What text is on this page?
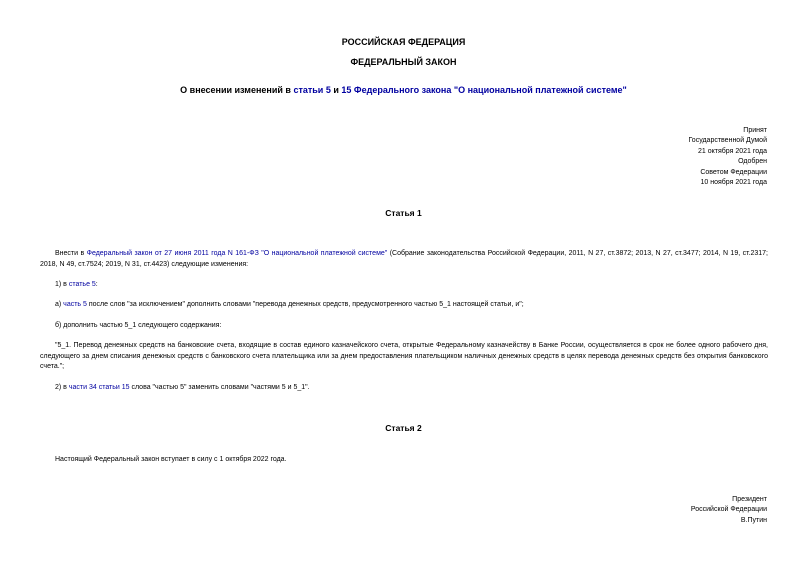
РОССИЙСКАЯ ФЕДЕРАЦИЯ
ФЕДЕРАЛЬНЫЙ ЗАКОН
О внесении изменений в статьи 5 и 15 Федерального закона "О национальной платежной системе"
Принят
Государственной Думой
21 октября 2021 года
Одобрен
Советом Федерации
10 ноября 2021 года
Статья 1
Внести в Федеральный закон от 27 июня 2011 года N 161-ФЗ "О национальной платежной системе" (Собрание законодательства Российской Федерации, 2011, N 27, ст.3872; 2013, N 27, ст.3477; 2014, N 19, ст.2317; 2018, N 49, ст.7524; 2019, N 31, ст.4423) следующие изменения:
1) в статье 5:
а) часть 5 после слов "за исключением" дополнить словами "перевода денежных средств, предусмотренного частью 5_1 настоящей статьи, и";
б) дополнить частью 5_1 следующего содержания:
"5_1. Перевод денежных средств на банковские счета, входящие в состав единого казначейского счета, открытые Федеральному казначейству в Банке России, осуществляется в срок не более одного рабочего дня, следующего за днем списания денежных средств с банковского счета плательщика или за днем предоставления плательщиком наличных денежных средств в целях перевода денежных средств без открытия банковского счета.";
2) в части 34 статьи 15 слова "частью 5" заменить словами "частями 5 и 5_1".
Статья 2
Настоящий Федеральный закон вступает в силу с 1 октября 2022 года.
Президент
Российской Федерации
В.Путин
